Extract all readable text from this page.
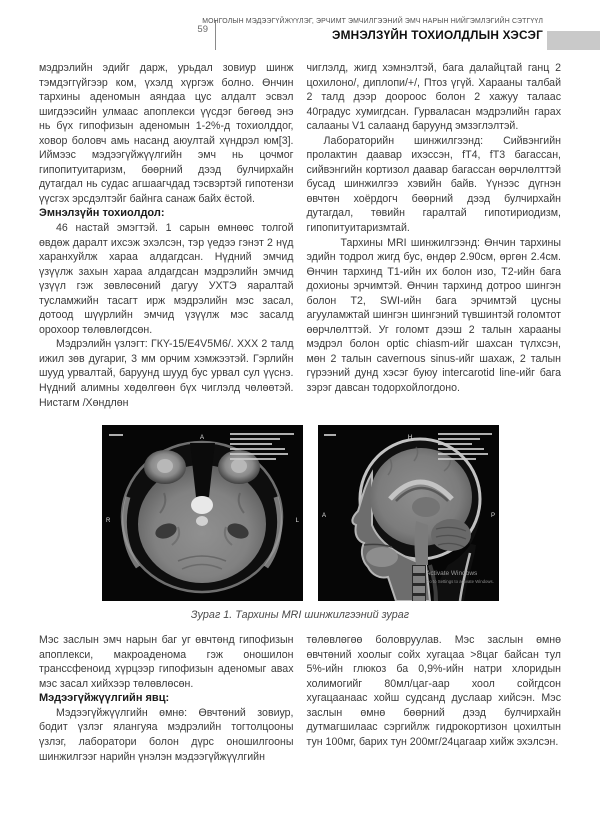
59
МОНГОЛЫН МЭДЭЭГҮЙЖҮҮЛЭГ, ЭРЧИМТ ЭМЧИЛГЭЭНИЙ ЭМЧ НАРЫН НИЙГЭМЛЭГИЙН СЭТГҮҮЛ
ЭМНЭЛЗҮЙН ТОХИОЛДЛЫН ХЭСЭГ

мэдрэлийн эдийг дарж, урьдал зовиур шинж тэмдэггүйгээр ком, үхэлд хүргэж болно. Өнчин тархины аденомын аяндаа цус алдалт эсвэл шигдээсийн улмаас апоплекси үүсдэг бөгөөд энэ нь бүх гипофизын аденомын 1-2%-д тохиолддог, ховор боловч амь насанд аюултай хүндрэл юм[3]. Иймээс мэдээгүйжүүлгийн эмч нь цочмог гипопитуитаризм, бөөрний дээд булчирхайн дутагдал нь судас агшаагчдад тэсвэртэй гипотензи үүсгэх эрсдэлтэйг байнга санаж байх ёстой.

Эмнэлзүйн тохиолдол:

46 настай эмэгтэй. 1 сарын өмнөөс толгой өвдөж даралт ихсэж эхэлсэн, тэр үедээ гэнэт 2 нүд харанхуйлж хараа алдагдсан. Нүдний эмчид үзүүлж захын хараа алдагдсан мэдрэлийн эмчид үзүүл гэж зөвлөсөний дагуу УХТЭ яаралтай тусламжийн тасагт ирж мэдрэлийн мэс засал, дотоод шүүрлийн эмчид үзүүлж мэс засалд орохоор төлөвлөгдсөн.

Мэдрэлийн үзлэгт: ГКY-15/E4V5M6/. XXX 2 талд ижил зөв дугариг, 3 мм орчим хэмжээтэй. Гэрлийн шууд урвалтай, баруунд шууд бус урвал сул үүснэ. Нүдний алимны хөдөлгөөн бүх чиглэлд чөлөөтэй. Нистагм /Хөндлөн

чиглэлд, жигд хэмнэлтэй, бага далайцтай ганц 2 цохилоно/, диплопи/+/, Птоз үгүй. Харааны талбай 2 талд дээр доороос болон 2 хажуу талаас 40градус хумигдсан. Гурваласан мэдрэлийн гарах салааны V1 салаанд баруунд эмзэглэлтэй.

Лабораторийн шинжилгээнд: Сийвэнгийн пролактин даавар ихэссэн, fT4, fT3 багассан, сийвэнгийн кортизол даавар багассан өөрчлөлттэй бусад шинжилгээ хэвийн байв. Үүнээс дүгнэн өвчтөн хоёрдогч бөөрний дээд булчирхайн дутагдал, төвийн гаралтай гипотириодизм, гипопитуитаризмтай.

Тархины MRI шинжилгээнд: Өнчин тархины эдийн тодрол жигд бус, өндөр 2.90см, өргөн 2.4см. Өнчин тархинд T1-ийн их болон изо, T2-ийн бага дохионы эрчимтэй. Өнчин тархинд дотроо шингэн болон T2, SWI-ийн бага эрчимтэй цусны агууламжтай шингэн шингэний түвшинтэй голомтот өөрчлөлттэй. Уг голомт дээш 2 талын харааны мэдрэл болон optic chiasm-ийг шахсан түлхсэн, мөн 2 талын cavernous sinus-ийг шахаж, 2 талын гүрээний дунд хэсэг буюу intercarotid line-ийг бага зэрэг давсан тодорхойлогдоно.

A
R	L
H
A	P
Activate Windows
Go to Settings to activate Windows.
Зураг 1. Тархины MRI шинжилгээний зураг

Мэс заслын эмч нарын баг уг өвчтөнд гипофизын апоплекси, макроаденома гэж оношилон транссфеноид хүрцээр гипофизын аденомыг авах мэс засал хийхээр төлөвлөсөн.

Мэдээгүйжүүлгийн явц:

Мэдээгүйжүүлгийн өмнө: Өвчтөний зовиур, бодит үзлэг ялангуяа мэдрэлийн тогтолцооны үзлэг, лаборатори болон дүрс оношилгооны шинжилгээг нарийн үнэлэн мэдээгүйжүүлгийн

төлөвлөгөө боловруулав. Мэс заслын өмнө өвчтөний хоолыг сойх хугацаа >8цаг байсан тул 5%-ийн глюкоз ба 0,9%-ийн натри хлоридын холимогийг 80мл/цаг-аар хоол сойгдсон хугацаанаас хойш судсанд дуслаар хийсэн. Мэс заслын өмнө бөөрний дээд булчирхайн дутмагшилаас сэргийлж гидрокортизон цохилтын тун 100мг, барих тун 200мг/24цагаар хийж эхэлсэн.
